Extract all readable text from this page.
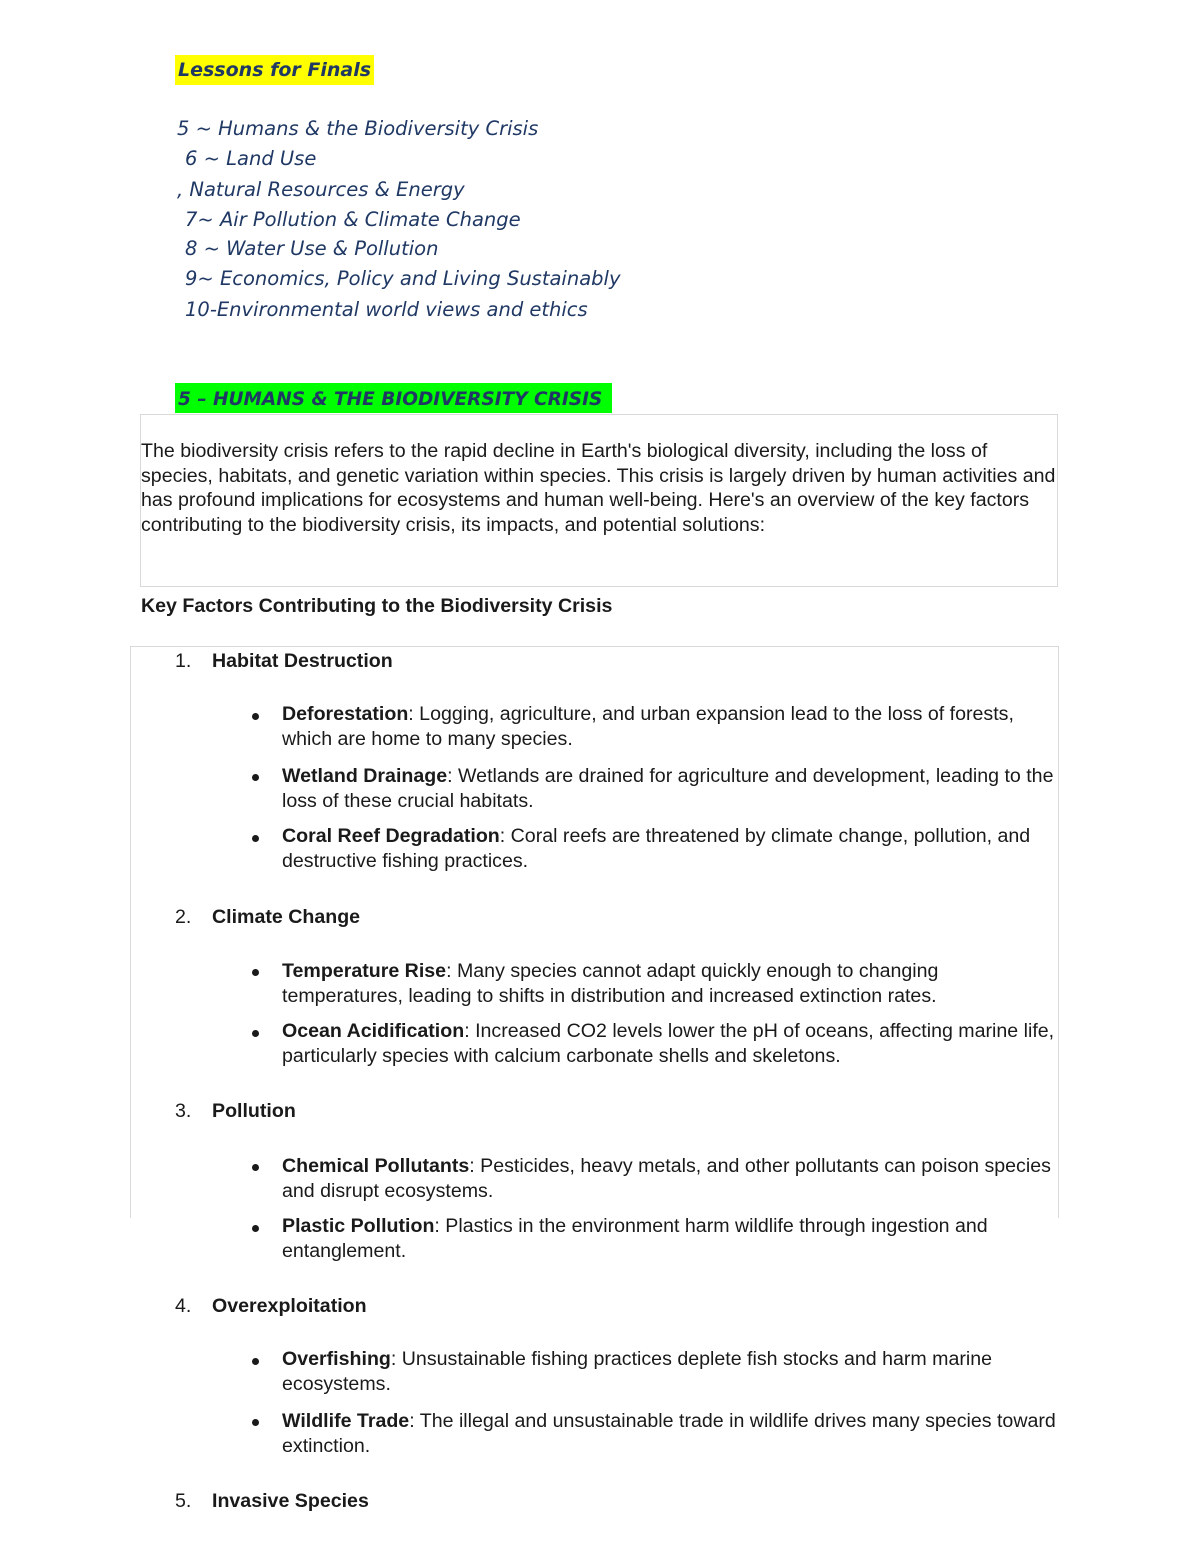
Lessons for Finals
5 ~ Humans & the Biodiversity Crisis
6 ~ Land Use
, Natural Resources & Energy
7~ Air Pollution & Climate Change
8 ~ Water Use & Pollution
9~ Economics, Policy and Living Sustainably
10-Environmental world views and ethics
5 – HUMANS & THE BIODIVERSITY CRISIS

The biodiversity crisis refers to the rapid decline in Earth's biological diversity, including the loss of species, habitats, and genetic variation within species. This crisis is largely driven by human activities and has profound implications for ecosystems and human well-being. Here's an overview of the key factors contributing to the biodiversity crisis, its impacts, and potential solutions:

Key Factors Contributing to the Biodiversity Crisis
1. Habitat Destruction

Deforestation: Logging, agriculture, and urban expansion lead to the loss of forests, which are home to many species.

Wetland Drainage: Wetlands are drained for agriculture and development, leading to the loss of these crucial habitats.

Coral Reef Degradation: Coral reefs are threatened by climate change, pollution, and destructive fishing practices.

2. Climate Change

Temperature Rise: Many species cannot adapt quickly enough to changing temperatures, leading to shifts in distribution and increased extinction rates.

Ocean Acidification: Increased CO2 levels lower the pH of oceans, affecting marine life, particularly species with calcium carbonate shells and skeletons.

3. Pollution

Chemical Pollutants: Pesticides, heavy metals, and other pollutants can poison species and disrupt ecosystems.

Plastic Pollution: Plastics in the environment harm wildlife through ingestion and entanglement.

4. Overexploitation

Overfishing: Unsustainable fishing practices deplete fish stocks and harm marine ecosystems.

Wildlife Trade: The illegal and unsustainable trade in wildlife drives many species toward extinction.

5. Invasive Species
